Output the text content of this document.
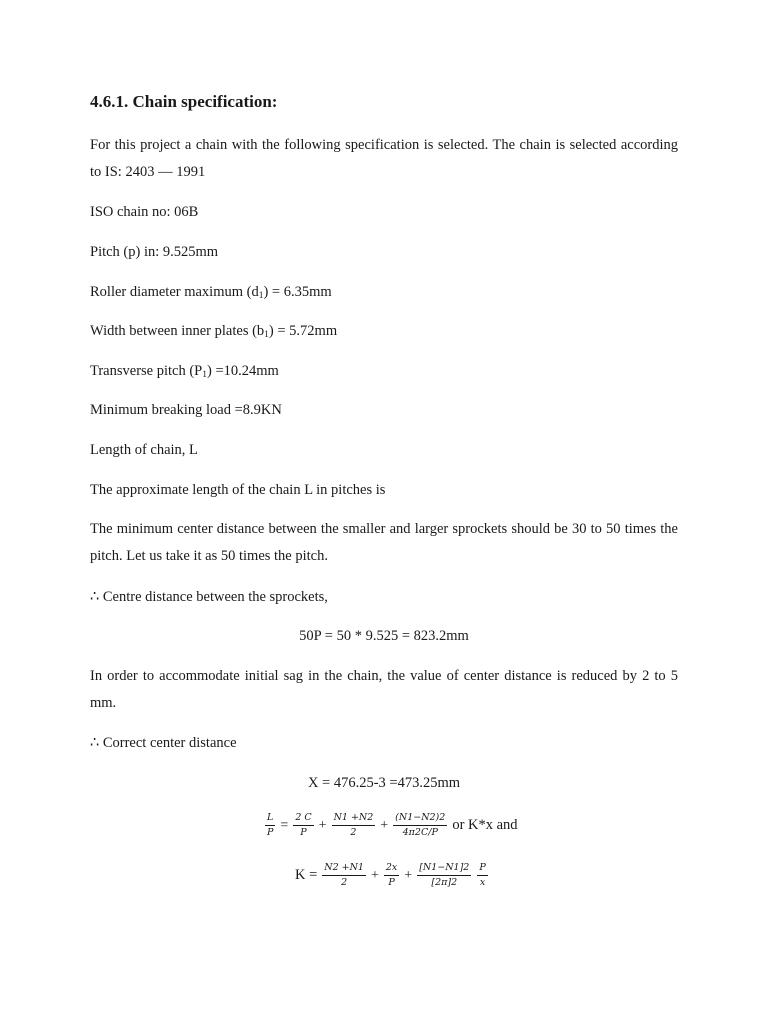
4.6.1. Chain specification:
For this project a chain with the following specification is selected. The chain is selected according to IS: 2403 — 1991
ISO chain no: 06B
Pitch (p) in: 9.525mm
Roller diameter maximum $(d_1) = 6.35mm$
Width between inner plates $(b_1) = 5.72mm$
Transverse pitch $(P_1) =10.24mm$
Minimum breaking load =8.9KN
Length of chain, L
The approximate length of the chain L in pitches is
The minimum center distance between the smaller and larger sprockets should be 30 to 50 times the pitch. Let us take it as 50 times the pitch.
∴ Centre distance between the sprockets,
50P = 50 * 9.525 = 823.2mm
In order to accommodate initial sag in the chain, the value of center distance is reduced by 2 to 5 mm.
∴ Correct center distance
X = 476.25-3 =473.25mm
$\frac{L}{P} = \frac{2 C}{P} + \frac{N1 +N2}{2} + \frac{(N1-N2)2}{4\pi 2C/P}$ or K*x and
$K = \frac{N2 +N1}{2} + \frac{2x}{P} + \frac{[N1-N1]2}{[2\pi]2} \frac{P}{x}$
